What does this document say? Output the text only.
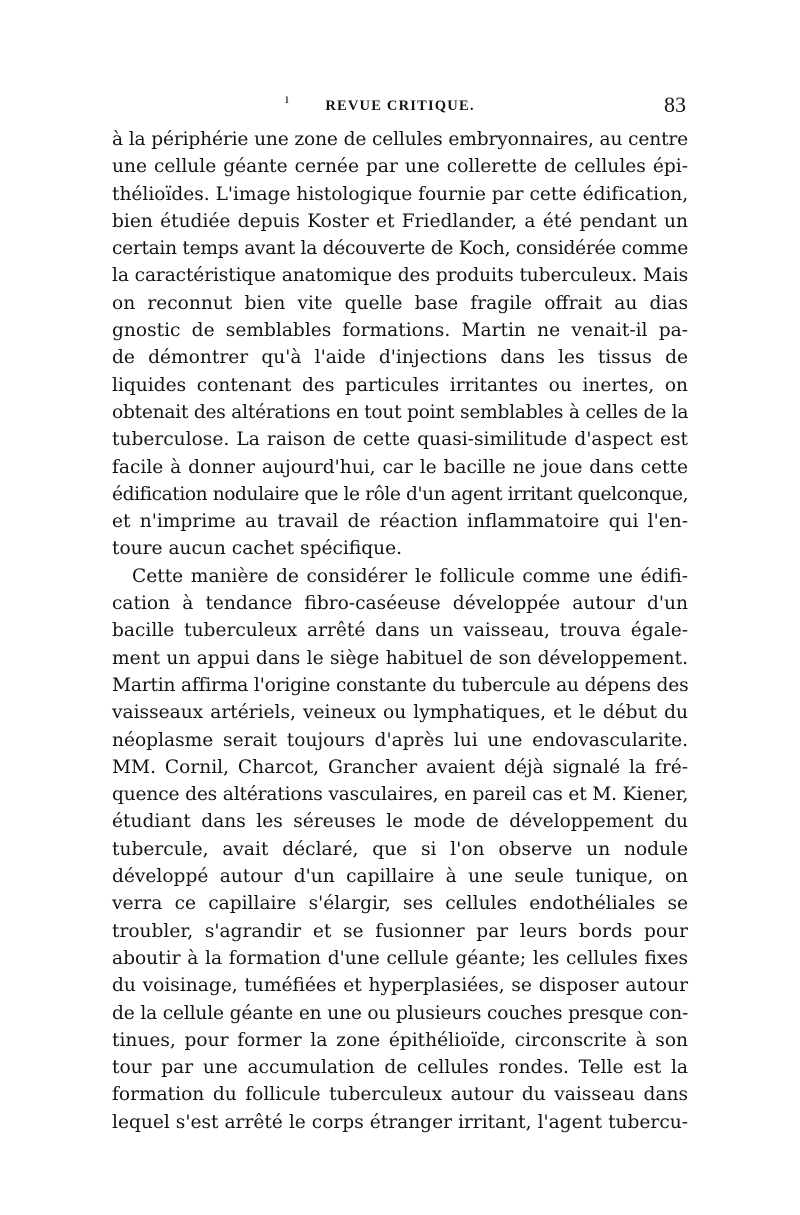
ı	REVUE CRITIQUE.	83
à la périphérie une zone de cellules embryonnaires, au centre
une cellule géante cernée par une collerette de cellules épi-
thélioïdes. L'image histologique fournie par cette édification,
bien étudiée depuis Koster et Friedlander, a été pendant un
certain temps avant la découverte de Koch, considérée comme
la caractéristique anatomique des produits tuberculeux. Mais
on reconnut bien vite quelle base fragile offrait au dias
gnostic de semblables formations. Martin ne venait-il pa-
de démontrer qu'à l'aide d'injections dans les tissus de
liquides contenant des particules irritantes ou inertes, on
obtenait des altérations en tout point semblables à celles de la
tuberculose. La raison de cette quasi-similitude d'aspect est
facile à donner aujourd'hui, car le bacille ne joue dans cette
édification nodulaire que le rôle d'un agent irritant quelconque,
et n'imprime au travail de réaction inflammatoire qui l'en-
toure aucun cachet spécifique.
Cette manière de considérer le follicule comme une édifi-
cation à tendance fibro-caséeuse développée autour d'un
bacille tuberculeux arrêté dans un vaisseau, trouva égale-
ment un appui dans le siège habituel de son développement.
Martin affirma l'origine constante du tubercule au dépens des
vaisseaux artériels, veineux ou lymphatiques, et le début du
néoplasme serait toujours d'après lui une endovascularite.
MM. Cornil, Charcot, Grancher avaient déjà signalé la fré-
quence des altérations vasculaires, en pareil cas et M. Kiener,
étudiant dans les séreuses le mode de développement du
tubercule, avait déclaré, que si l'on observe un nodule
développé autour d'un capillaire à une seule tunique, on
verra ce capillaire s'élargir, ses cellules endothéliales se
troubler, s'agrandir et se fusionner par leurs bords pour
aboutir à la formation d'une cellule géante; les cellules fixes
du voisinage, tuméfiées et hyperplasiées, se disposer autour
de la cellule géante en une ou plusieurs couches presque con-
tinues, pour former la zone épithélioïde, circonscrite à son
tour par une accumulation de cellules rondes. Telle est la
formation du follicule tuberculeux autour du vaisseau dans
lequel s'est arrêté le corps étranger irritant, l'agent tubercu-
